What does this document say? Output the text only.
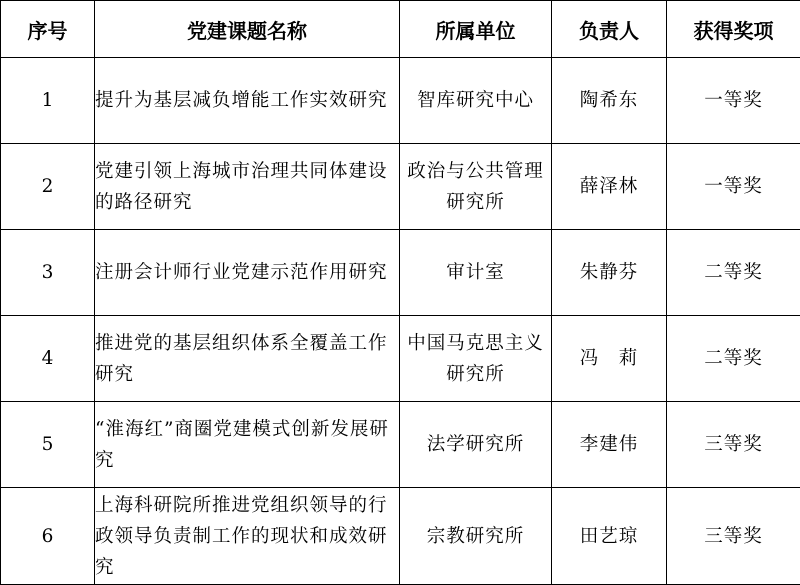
序号	党建课题名称	所属单位	负责人	获得奖项
1	提升为基层减负增能工作实效研究	智库研究中心	陶希东	一等奖
2	党建引领上海城市治理共同体建设的路径研究	政治与公共管理研究所	薛泽林	一等奖
3	注册会计师行业党建示范作用研究	审计室	朱静芬	二等奖
4	推进党的基层组织体系全覆盖工作研究	中国马克思主义研究所	冯　莉	二等奖
5	“淮海红”商圈党建模式创新发展研究	法学研究所	李建伟	三等奖
6	上海科研院所推进党组织领导的行政领导负责制工作的现状和成效研究	宗教研究所	田艺琼	三等奖
